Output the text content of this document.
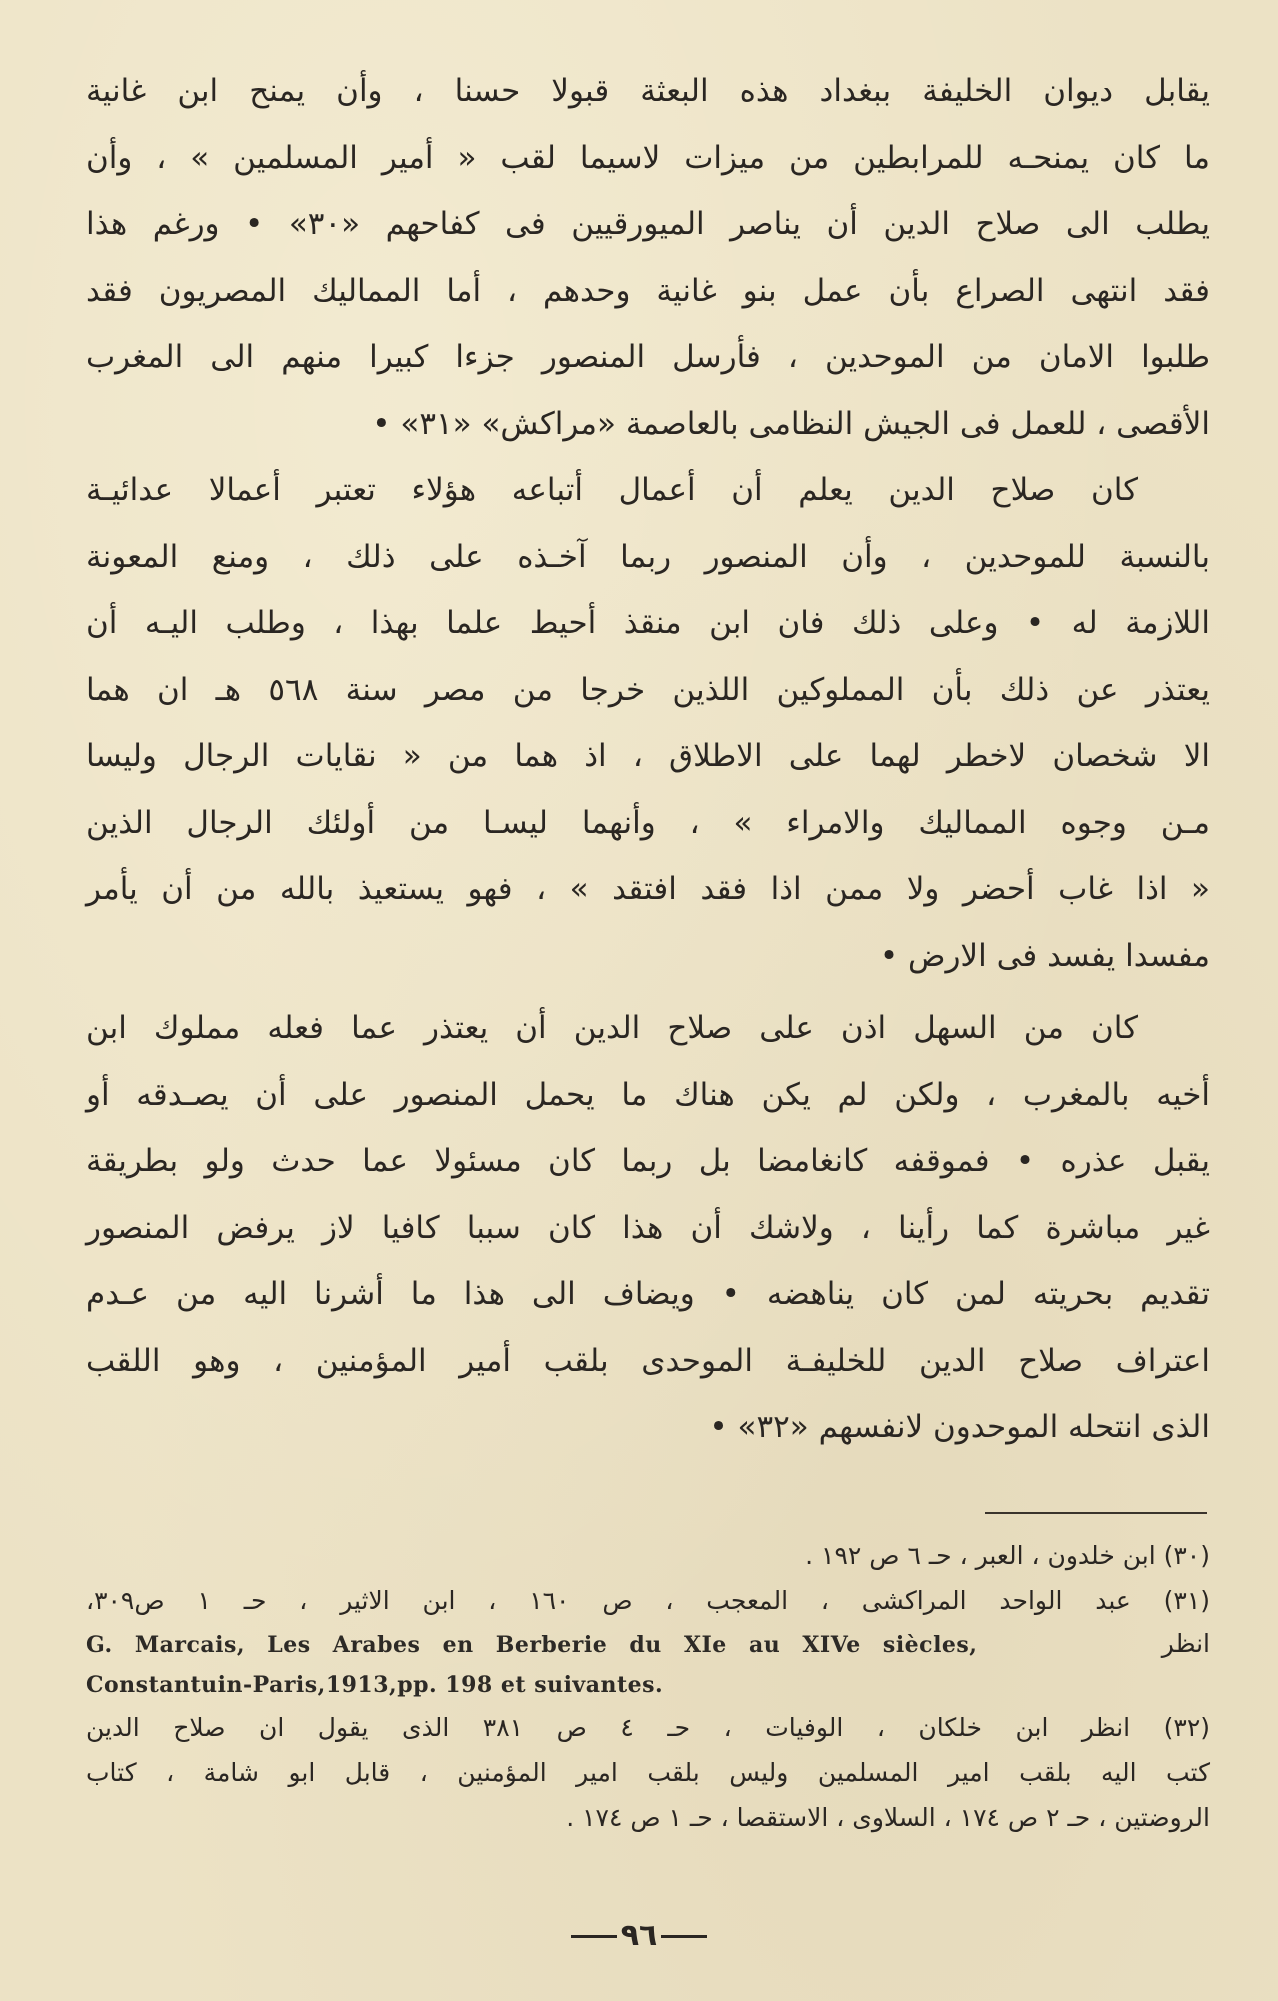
يقابل ديوان الخليفة ببغداد هذه البعثة قبولا حسنا ، وأن يمنح ابن غانية
ما كان يمنحـه للمرابطين من ميزات لاسيما لقب « أمير المسلمين » ، وأن
يطلب الى صلاح الدين أن يناصر الميورقيين فى كفاحهم «٣٠» • ورغم هذا
فقد انتهى الصراع بأن عمل بنو غانية وحدهم ، أما المماليك المصريون فقد
طلبوا الامان من الموحدين ، فأرسل المنصور جزءا كبيرا منهم الى المغرب
الأقصى ، للعمل فى الجيش النظامى بالعاصمة «مراكش» «٣١» •
كان صلاح الدين يعلم أن أعمال أتباعه هؤلاء تعتبر أعمالا عدائيـة
بالنسبة للموحدين ، وأن المنصور ربما آخـذه على ذلك ، ومنع المعونة
اللازمة له • وعلى ذلك فان ابن منقذ أحيط علما بهذا ، وطلب اليـه أن
يعتذر عن ذلك بأن المملوكين اللذين خرجا من مصر سنة ٥٦٨ هـ ان هما
الا شخصان لاخطر لهما على الاطلاق ، اذ هما من « نقايات الرجال وليسا
مـن وجوه المماليك والامراء » ، وأنهما ليسـا من أولئك الرجال الذين
« اذا غاب أحضر ولا ممن اذا فقد افتقد » ، فهو يستعيذ بالله من أن يأمر
مفسدا يفسد فى الارض •
كان من السهل اذن على صلاح الدين أن يعتذر عما فعله مملوك ابن
أخيه بالمغرب ، ولكن لم يكن هناك ما يحمل المنصور على أن يصـدقه أو
يقبل عذره • فموقفه كانغامضا بل ربما كان مسئولا عما حدث ولو بطريقة
غير مباشرة كما رأينا ، ولاشك أن هذا كان سببا كافيا لاز يرفض المنصور
تقديم بحريته لمن كان يناهضه • ويضاف الى هذا ما أشرنا اليه من عـدم
اعتراف صلاح الدين للخليفـة الموحدى بلقب أمير المؤمنين ، وهو اللقب
الذى انتحله الموحدون لانفسهم «٣٢» •
(٣٠) ابن خلدون ، العبر ، حـ ٦ ص ١٩٢ .
(٣١) عبد الواحد المراكشى ، المعجب ، ص ١٦٠ ، ابن الاثير ، حـ ١ ص٣٠٩،
انظر
G. Marcais, Les Arabes en Berberie du XIe au XIVe siècles,
Constantuin-Paris,1913,pp. 198 et suivantes.
(٣٢) انظر ابن خلكان ، الوفيات ، حـ ٤ ص ٣٨١ الذى يقول ان صلاح الدين
كتب اليه بلقب امير المسلمين وليس بلقب امير المؤمنين ، قابل ابو شامة ، كتاب
الروضتين ، حـ ٢ ص ١٧٤ ، السلاوى ، الاستقصا ، حـ ١ ص ١٧٤ .
٩٦
